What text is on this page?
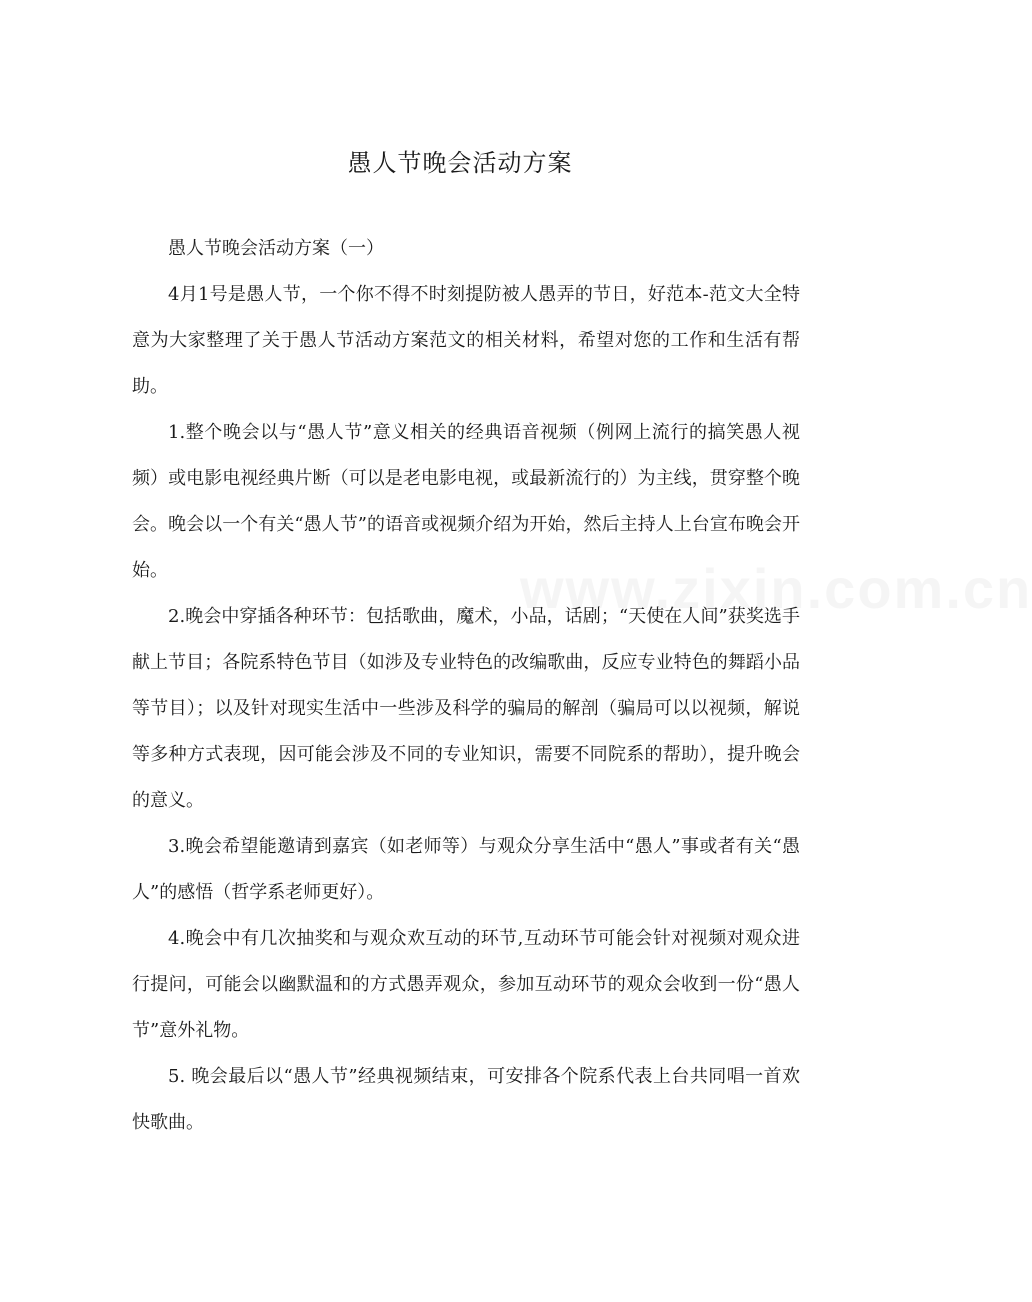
www.zixin.com.cn
愚人节晚会活动方案

愚人节晚会活动方案（一）

4月1号是愚人节，一个你不得不时刻提防被人愚弄的节日，好范本-范文大全特意为大家整理了关于愚人节活动方案范文的相关材料，希望对您的工作和生活有帮助。

1.整个晚会以与“愚人节”意义相关的经典语音视频（例网上流行的搞笑愚人视频）或电影电视经典片断（可以是老电影电视，或最新流行的）为主线，贯穿整个晚会。晚会以一个有关“愚人节”的语音或视频介绍为开始，然后主持人上台宣布晚会开始。

2.晚会中穿插各种环节：包括歌曲，魔术，小品，话剧；“天使在人间”获奖选手献上节目；各院系特色节目（如涉及专业特色的改编歌曲，反应专业特色的舞蹈小品等节目）；以及针对现实生活中一些涉及科学的骗局的解剖（骗局可以以视频，解说等多种方式表现，因可能会涉及不同的专业知识，需要不同院系的帮助），提升晚会的意义。

3.晚会希望能邀请到嘉宾（如老师等）与观众分享生活中“愚人”事或者有关“愚人”的感悟（哲学系老师更好）。

4.晚会中有几次抽奖和与观众欢互动的环节,互动环节可能会针对视频对观众进行提问，可能会以幽默温和的方式愚弄观众，参加互动环节的观众会收到一份“愚人节”意外礼物。

5. 晚会最后以“愚人节”经典视频结束，可安排各个院系代表上台共同唱一首欢快歌曲。
